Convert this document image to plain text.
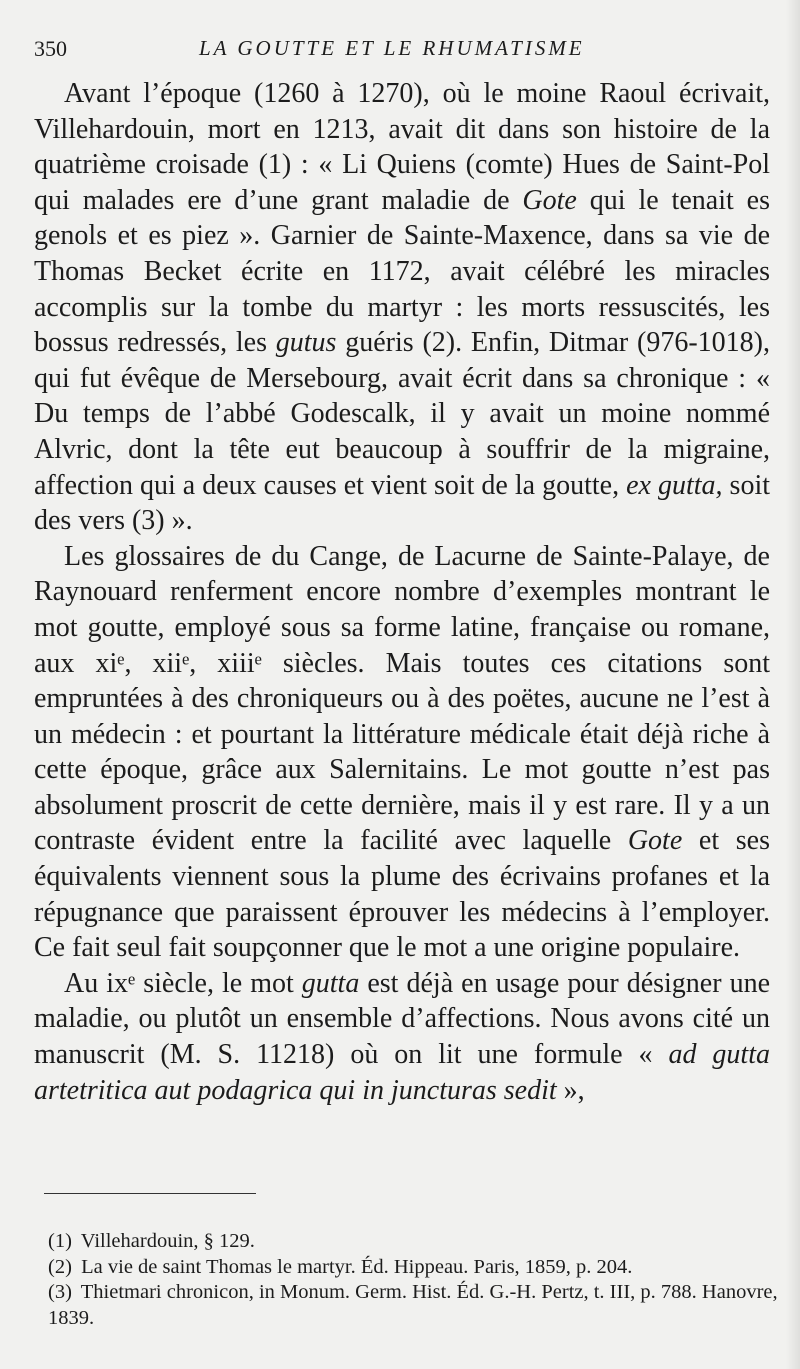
350	LA GOUTTE ET LE RHUMATISME

Avant l’époque (1260 à 1270), où le moine Raoul écrivait, Villehardouin, mort en 1213, avait dit dans son histoire de la quatrième croisade (1) : « Li Quiens (comte) Hues de Saint-Pol qui malades ere d’une grant maladie de Gote qui le tenait es genols et es piez ». Garnier de Sainte-Maxence, dans sa vie de Thomas Becket écrite en 1172, avait célébré les miracles accomplis sur la tombe du martyr : les morts ressuscités, les bossus redressés, les gutus guéris (2). Enfin, Ditmar (976-1018), qui fut évêque de Mersebourg, avait écrit dans sa chronique : « Du temps de l’abbé Godescalk, il y avait un moine nommé Alvric, dont la tête eut beaucoup à souffrir de la migraine, affection qui a deux causes et vient soit de la goutte, ex gutta, soit des vers (3) ».

Les glossaires de du Cange, de Lacurne de Sainte-Palaye, de Raynouard renferment encore nombre d’exemples montrant le mot goutte, employé sous sa forme latine, française ou romane, aux xiᵉ, xiiᵉ, xiiiᵉ siècles. Mais toutes ces citations sont empruntées à des chroniqueurs ou à des poëtes, aucune ne l’est à un médecin : et pourtant la littérature médicale était déjà riche à cette époque, grâce aux Salernitains. Le mot goutte n’est pas absolument proscrit de cette dernière, mais il y est rare. Il y a un contraste évident entre la facilité avec laquelle Gote et ses équivalents viennent sous la plume des écrivains profanes et la répugnance que paraissent éprouver les médecins à l’employer. Ce fait seul fait soupçonner que le mot a une origine populaire.

Au ixᵉ siècle, le mot gutta est déjà en usage pour désigner une maladie, ou plutôt un ensemble d’affections. Nous avons cité un manuscrit (M. S. 11218) où on lit une formule « ad gutta artetritica aut podagrica qui in juncturas sedit »,

(1) Villehardouin, § 129.

(2) La vie de saint Thomas le martyr. Éd. Hippeau. Paris, 1859, p. 204.

(3) Thietmari chronicon, in Monum. Germ. Hist. Éd. G.-H. Pertz, t. III, p. 788. Hanovre, 1839.
